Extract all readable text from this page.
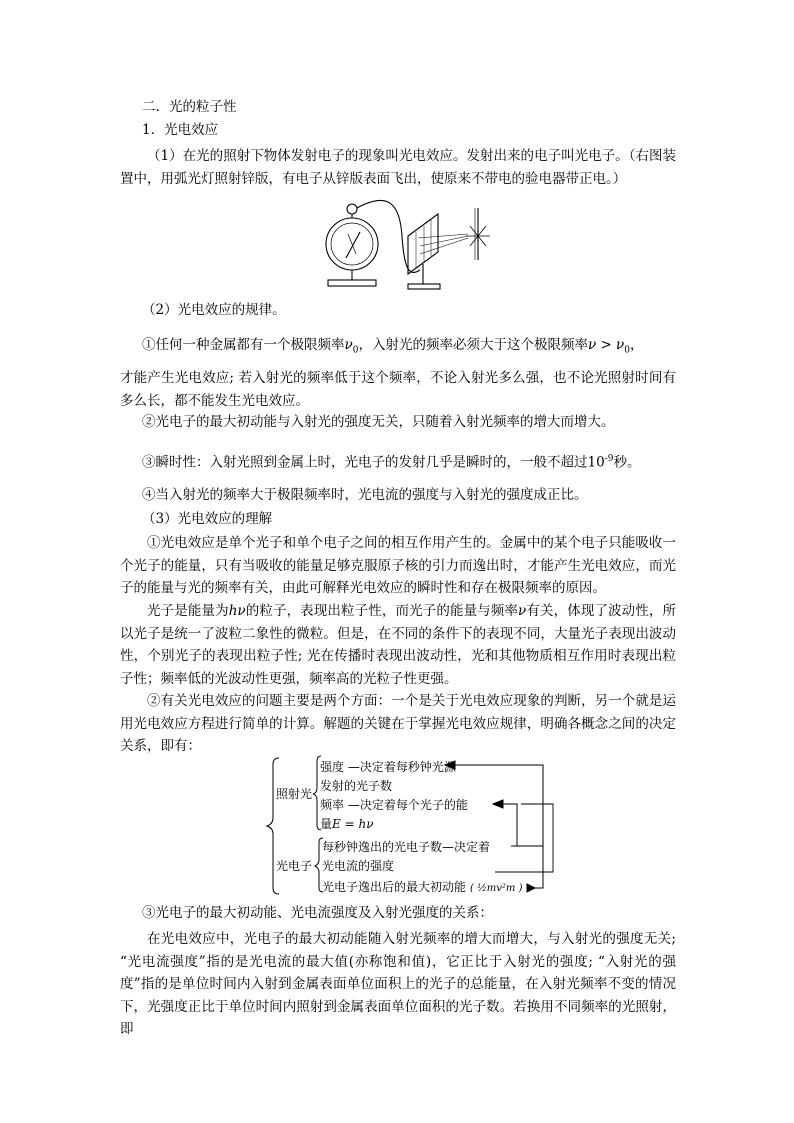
二．光的粒子性
1．光电效应
（1）在光的照射下物体发射电子的现象叫光电效应。发射出来的电子叫光电子。（右图装置中，用弧光灯照射锌版，有电子从锌版表面飞出，使原来不带电的验电器带正电。）
（2）光电效应的规律。
①任何一种金属都有一个极限频率$\nu_0$，入射光的频率必须大于这个极限频率$\nu > \nu_0$，
才能产生光电效应; 若入射光的频率低于这个频率，不论入射光多么强，也不论光照射时间有多么长，都不能发生光电效应。
②光电子的最大初动能与入射光的强度无关，只随着入射光频率的增大而增大。
③瞬时性：入射光照到金属上时，光电子的发射几乎是瞬时的，一般不超过$10^{-9}$秒。
④当入射光的频率大于极限频率时，光电流的强度与入射光的强度成正比。
（3）光电效应的理解
①光电效应是单个光子和单个电子之间的相互作用产生的。金属中的某个电子只能吸收一个光子的能量，只有当吸收的能量足够克服原子核的引力而逸出时，才能产生光电效应，而光子的能量与光的频率有关，由此可解释光电效应的瞬时性和存在极限频率的原因。
光子是能量为hν的粒子，表现出粒子性，而光子的能量与频率ν有关，体现了波动性，所以光子是统一了波粒二象性的微粒。但是，在不同的条件下的表现不同，大量光子表现出波动性，个别光子的表现出粒子性; 光在传播时表现出波动性，光和其他物质相互作用时表现出粒子性；频率低的光波动性更强，频率高的光粒子性更强。
②有关光电效应的问题主要是两个方面：一个是关于光电效应现象的判断，另一个就是运用光电效应方程进行简单的计算。解题的关键在于掌握光电效应规律，明确各概念之间的决定关系，即有：
照射光
强度 —决定着每秒钟光源
发射的光子数
频率 —决定着每个光子的能
量E = hν
光电子
每秒钟逸出的光电子数—决定着
光电流的强度
光电子逸出后的最大初动能 ( ½mv²m )
③光电子的最大初动能、光电流强度及入射光强度的关系：
在光电效应中，光电子的最大初动能随入射光频率的增大而增大，与入射光的强度无关; “光电流强度”指的是光电流的最大值(亦称饱和值)，它正比于入射光的强度; “入射光的强度”指的是单位时间内入射到金属表面单位面积上的光子的总能量，在入射光频率不变的情况下，光强度正比于单位时间内照射到金属表面单位面积的光子数。若换用不同频率的光照射，即
